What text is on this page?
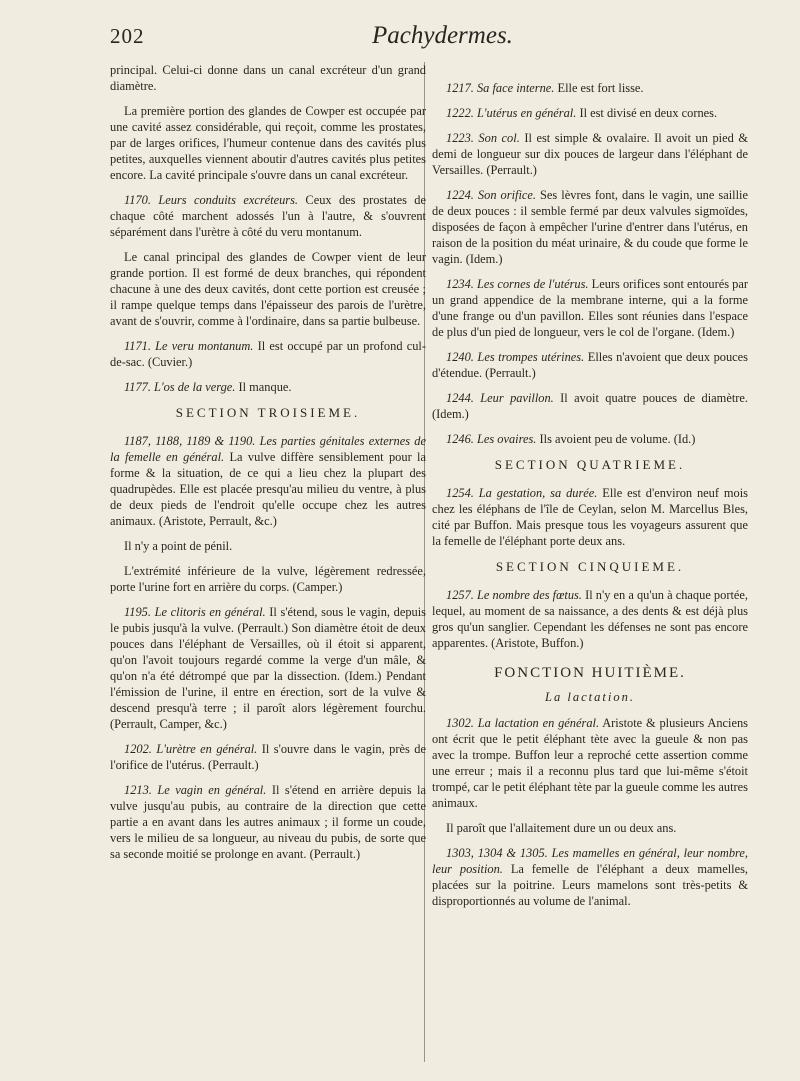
202	Pachydermes.

principal. Celui-ci donne dans un canal excréteur d'un grand diamètre.

La première portion des glandes de Cowper est occupée par une cavité assez considérable, qui reçoit, comme les prostates, par de larges orifices, l'humeur contenue dans des cavités plus petites, auxquelles viennent aboutir d'autres cavités plus petites encore. La cavité principale s'ouvre dans un canal excréteur.

1170. Leurs conduits excréteurs. Ceux des prostates de chaque côté marchent adossés l'un à l'autre, & s'ouvrent séparément dans l'urètre à côté du veru montanum.

Le canal principal des glandes de Cowper vient de leur grande portion. Il est formé de deux branches, qui répondent chacune à une des deux cavités, dont cette portion est creusée ; il rampe quelque temps dans l'épaisseur des parois de l'urètre, avant de s'ouvrir, comme à l'ordinaire, dans sa partie bulbeuse.

1171. Le veru montanum. Il est occupé par un profond cul-de-sac. (Cuvier.)

1177. L'os de la verge. Il manque.

SECTION TROISIEME.

1187, 1188, 1189 & 1190. Les parties génitales externes de la femelle en général. La vulve diffère sensiblement pour la forme & la situation, de ce qui a lieu chez la plupart des quadrupèdes. Elle est placée presqu'au milieu du ventre, à plus de deux pieds de l'endroit qu'elle occupe chez les autres animaux. (Aristote, Perrault, &c.)

Il n'y a point de pénil.

L'extrémité inférieure de la vulve, légèrement redressée, porte l'urine fort en arrière du corps. (Camper.)

1195. Le clitoris en général. Il s'étend, sous le vagin, depuis le pubis jusqu'à la vulve. (Perrault.) Son diamètre étoit de deux pouces dans l'éléphant de Versailles, où il étoit si apparent, qu'on l'avoit toujours regardé comme la verge d'un mâle, & qu'on n'a été détrompé que par la dissection. (Idem.) Pendant l'émission de l'urine, il entre en érection, sort de la vulve & descend presqu'à terre ; il paroît alors légèrement fourchu. (Perrault, Camper, &c.)

1202. L'urètre en général. Il s'ouvre dans le vagin, près de l'orifice de l'utérus. (Perrault.)

1213. Le vagin en général. Il s'étend en arrière depuis la vulve jusqu'au pubis, au contraire de la direction que cette partie a en avant dans les autres animaux ; il forme un coude, vers le milieu de sa longueur, au niveau du pubis, de sorte que sa seconde moitié se prolonge en avant. (Perrault.)

1217. Sa face interne. Elle est fort lisse.

1222. L'utérus en général. Il est divisé en deux cornes.

1223. Son col. Il est simple & ovalaire. Il avoit un pied & demi de longueur sur dix pouces de largeur dans l'éléphant de Versailles. (Perrault.)

1224. Son orifice. Ses lèvres font, dans le vagin, une saillie de deux pouces : il semble fermé par deux valvules sigmoïdes, disposées de façon à empêcher l'urine d'entrer dans l'utérus, en raison de la position du méat urinaire, & du coude que forme le vagin. (Idem.)

1234. Les cornes de l'utérus. Leurs orifices sont entourés par un grand appendice de la membrane interne, qui a la forme d'une frange ou d'un pavillon. Elles sont réunies dans l'espace de plus d'un pied de longueur, vers le col de l'organe. (Idem.)

1240. Les trompes utérines. Elles n'avoient que deux pouces d'étendue. (Perrault.)

1244. Leur pavillon. Il avoit quatre pouces de diamètre. (Idem.)

1246. Les ovaires. Ils avoient peu de volume. (Id.)

SECTION QUATRIEME.

1254. La gestation, sa durée. Elle est d'environ neuf mois chez les éléphans de l'île de Ceylan, selon M. Marcellus Bles, cité par Buffon. Mais presque tous les voyageurs assurent que la femelle de l'éléphant porte deux ans.

SECTION CINQUIEME.

1257. Le nombre des fœtus. Il n'y en a qu'un à chaque portée, lequel, au moment de sa naissance, a des dents & est déjà plus gros qu'un sanglier. Cependant les défenses ne sont pas encore apparentes. (Aristote, Buffon.)

FONCTION HUITIÈME.
La lactation.

1302. La lactation en général. Aristote & plusieurs Anciens ont écrit que le petit éléphant tète avec la gueule & non pas avec la trompe. Buffon leur a reproché cette assertion comme une erreur ; mais il a reconnu plus tard que lui-même s'étoit trompé, car le petit éléphant tète par la gueule comme les autres animaux.

Il paroît que l'allaitement dure un ou deux ans.

1303, 1304 & 1305. Les mamelles en général, leur nombre, leur position. La femelle de l'éléphant a deux mamelles, placées sur la poitrine. Leurs mamelons sont très-petits & disproportionnés au volume de l'animal.
